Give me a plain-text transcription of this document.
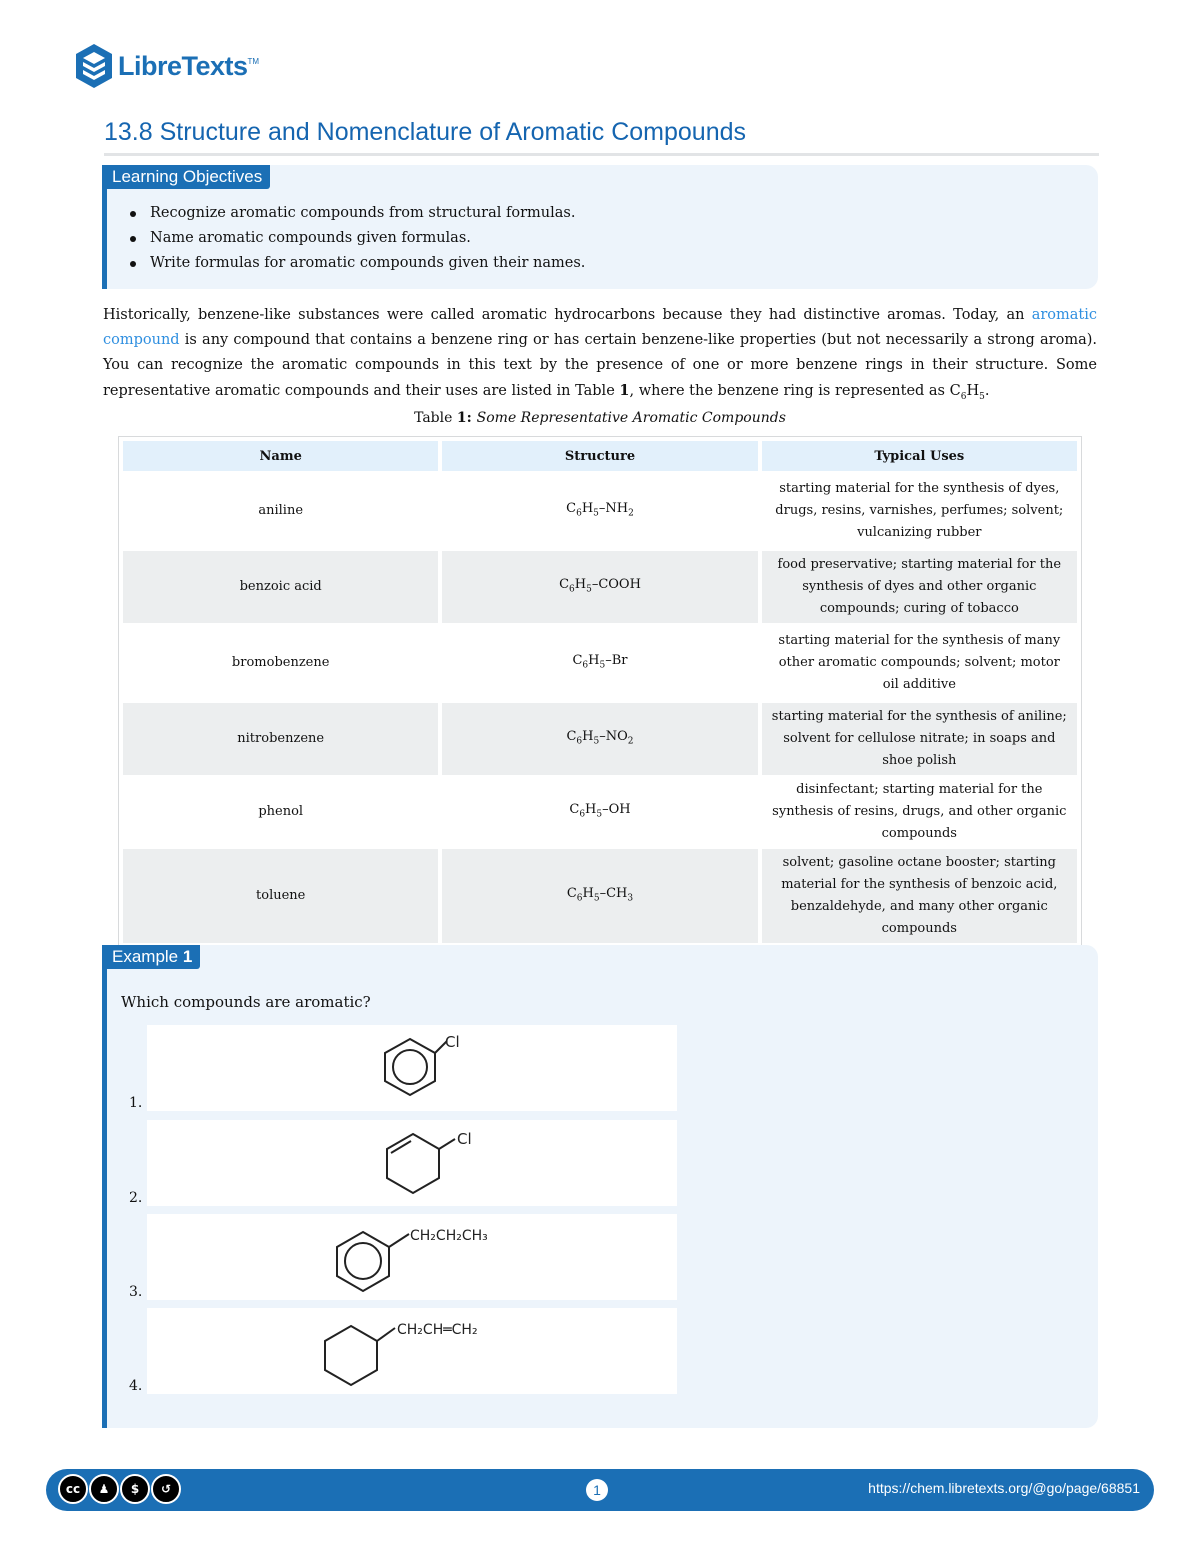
LibreTexts TM
13.8 Structure and Nomenclature of Aromatic Compounds
Learning Objectives
Recognize aromatic compounds from structural formulas.
Name aromatic compounds given formulas.
Write formulas for aromatic compounds given their names.

Historically, benzene-like substances were called aromatic hydrocarbons because they had distinctive aromas. Today, an aromatic compound is any compound that contains a benzene ring or has certain benzene-like properties (but not necessarily a strong aroma). You can recognize the aromatic compounds in this text by the presence of one or more benzene rings in their structure. Some representative aromatic compounds and their uses are listed in Table 1, where the benzene ring is represented as $C_6H_5$.

Table 1: Some Representative Aromatic Compounds
Name	Structure	Typical Uses
aniline	$C_6H_5-NH_2$	starting material for the synthesis of dyes, drugs, resins, varnishes, perfumes; solvent; vulcanizing rubber
benzoic acid	$C_6H_5$–COOH	food preservative; starting material for the synthesis of dyes and other organic compounds; curing of tobacco
bromobenzene	$C_6H_5-Br$	starting material for the synthesis of many other aromatic compounds; solvent; motor oil additive
nitrobenzene	$C_6H_5-NO_2$	starting material for the synthesis of aniline; solvent for cellulose nitrate; in soaps and shoe polish
phenol	$C_6H_5-OH$	disinfectant; starting material for the synthesis of resins, drugs, and other organic compounds
toluene	$C_6H_5-CH_3$	solvent; gasoline octane booster; starting material for the synthesis of benzoic acid, benzaldehyde, and many other organic compounds
Example 1
Which compounds are aromatic?
Cl
1.
Cl
2.
CH₂CH₂CH₃
3.
CH₂CH═CH₂
4.
cc	♟	$	↺	1	https://chem.libretexts.org/@go/page/68851
